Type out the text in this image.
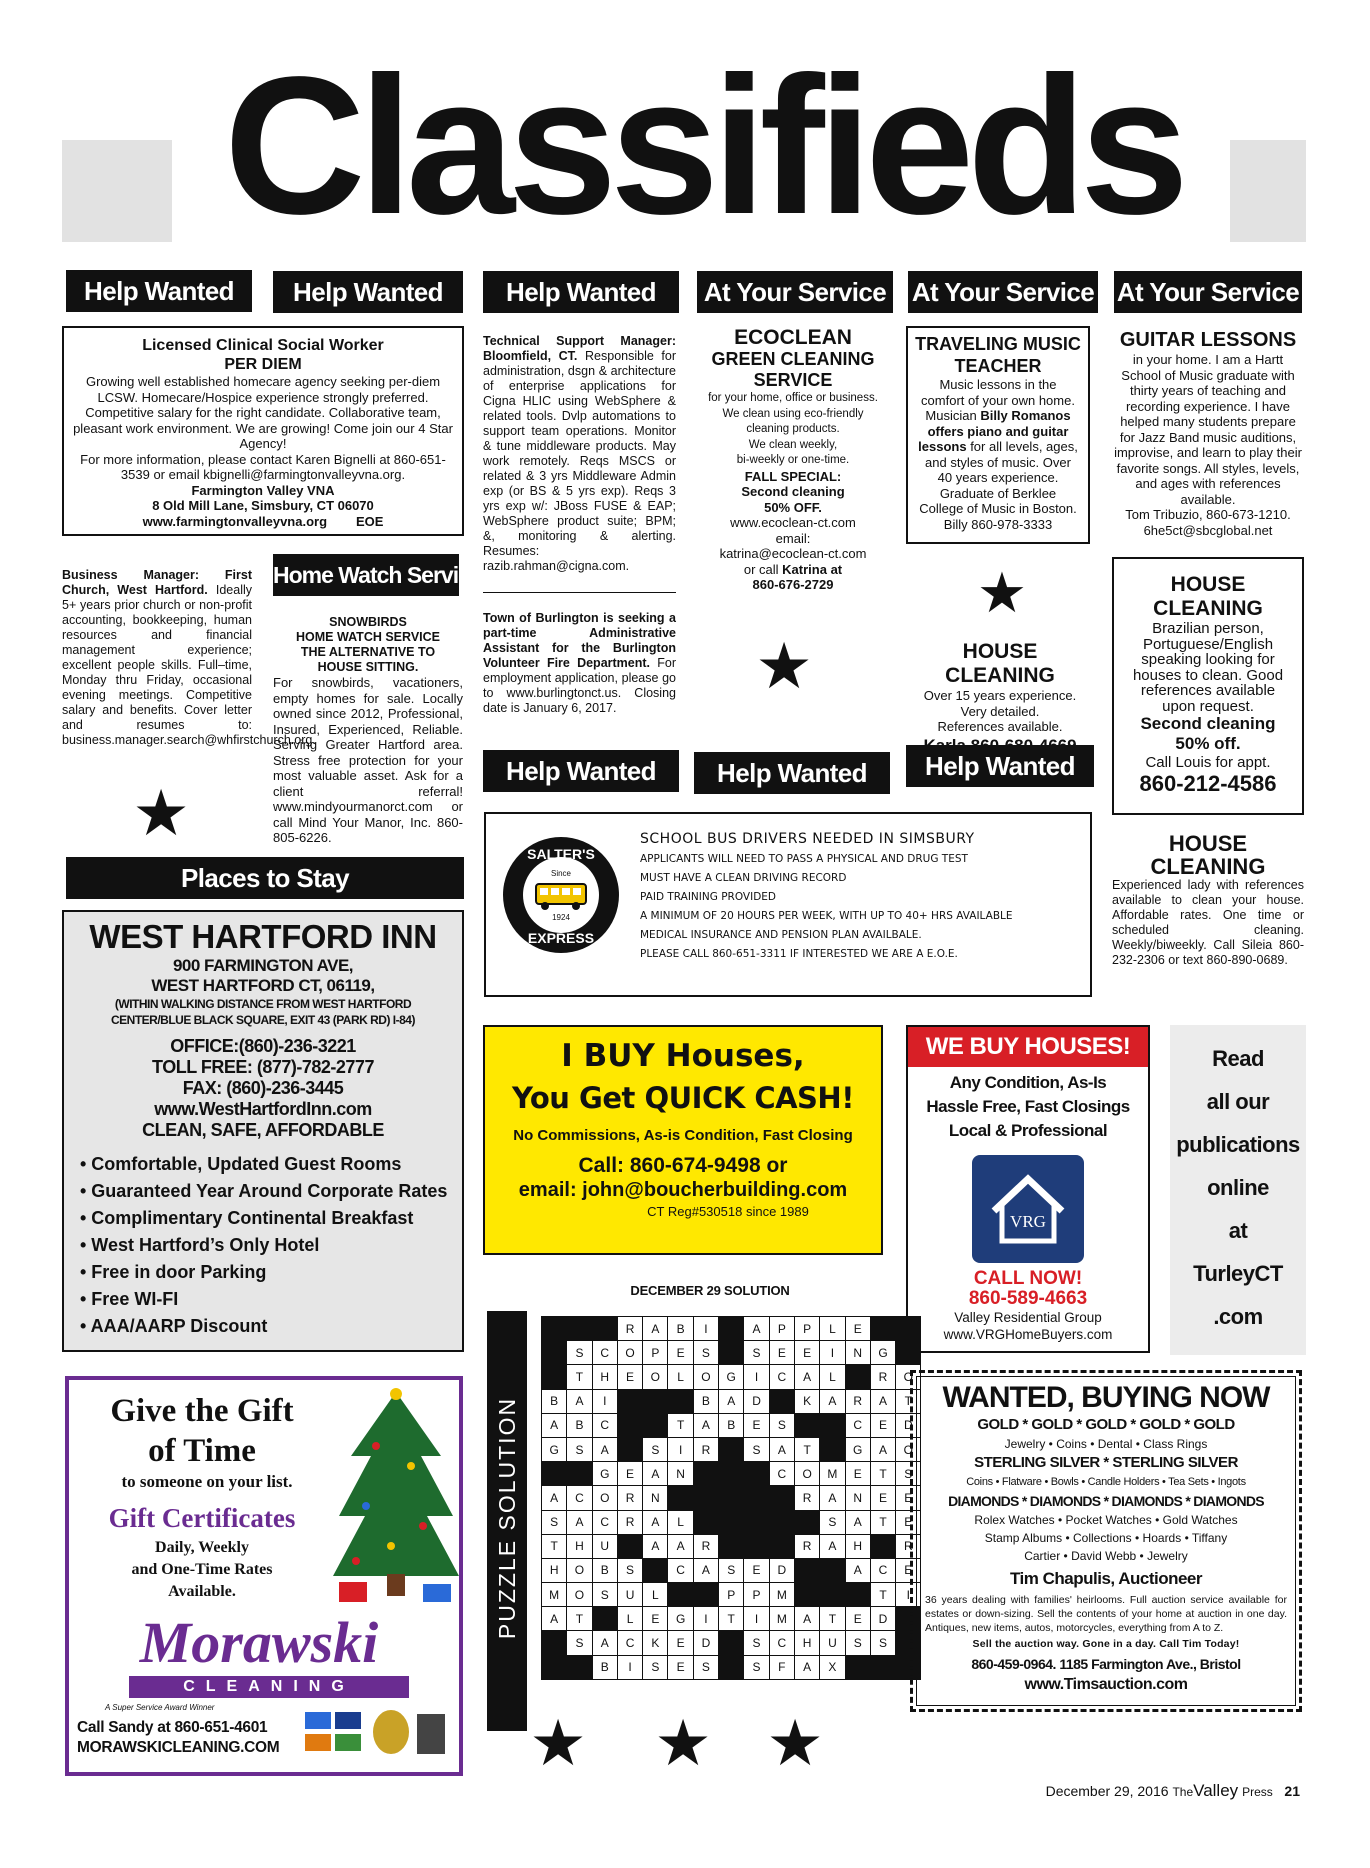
Classifieds
Help Wanted	Help Wanted	Help Wanted	At Your Service At Your Service At Your Service

Licensed Clinical Social Worker

PER DIEM

Growing well established homecare agency seeking per-diem LCSW. Homecare/Hospice experience strongly preferred. Competitive salary for the right candidate. Collaborative team, pleasant work environment. We are growing! Come join our 4 Star Agency!

For more information, please contact Karen Bignelli at 860-651-3539 or email kbignelli@farmingtonvalleyvna.org.

Farmington Valley VNA

8 Old Mill Lane, Simsbury, CT 06070

www.farmingtonvalleyvna.org EOE

Technical Support Manager: Bloomfield, CT. Responsible for administration, dsgn & architecture of enterprise applications for Cigna HLIC using WebSphere & related tools. Dvlp automations to support team operations. Monitor & tune middleware products. May work remotely. Reqs MSCS or related & 3 yrs Middleware Admin exp (or BS & 5 yrs exp). Reqs 3 yrs exp w/: JBoss FUSE & EAP; WebSphere product suite; BPM; &, monitoring & alerting. Resumes: razib.rahman@cigna.com.
Town of Burlington is seeking a part-time Administrative Assistant for the Burlington Volunteer Fire Department. For employment application, please go to www.burlingtonct.us. Closing date is January 6, 2017.

ECOCLEAN

GREEN CLEANING

SERVICE

for your home, office or business.

We clean using eco-friendly

cleaning products.

We clean weekly,

bi-weekly or one-time.

FALL SPECIAL:

Second cleaning

50% OFF.

www.ecoclean-ct.com

email:

katrina@ecoclean-ct.com

or call Katrina at

860-676-2729

TRAVELING MUSIC

TEACHER

Music lessons in the

comfort of your own home.

Musician Billy Romanos

offers piano and guitar

lessons for all levels, ages,

and styles of music. Over

40 years experience.

Graduate of Berklee

College of Music in Boston.

Billy 860-978-3333

GUITAR LESSONS

in your home. I am a Hartt School of Music graduate with thirty years of teaching and recording experience. I have helped many students prepare for Jazz Band music auditions, improvise, and learn to play their favorite songs. All styles, levels, and ages with references available.

Tom Tribuzio, 860-673-1210.

6he5ct@sbcglobal.net

Business Manager: First Church, West Hartford. Ideally 5+ years prior church or non-profit accounting, bookkeeping, human resources and financial management experience; excellent people skills. Full–time, Monday thru Friday, occasional evening meetings. Competitive salary and benefits. Cover letter and resumes to: business.manager.search@whfirstchurch.org.
★
Home Watch Service

SNOWBIRDS

HOME WATCH SERVICE

THE ALTERNATIVE TO

HOUSE SITTING.

For snowbirds, vacationers, empty homes for sale. Locally owned since 2012, Professional, Insured, Experienced, Reliable. Serving Greater Hartford area. Stress free protection for your most valuable asset. Ask for a client referral! www.mindyourmanorct.com or call Mind Your Manor, Inc. 860-805-6226.

★
★

HOUSE CLEANING

Over 15 years experience.

Very detailed.

References available.

HOUSE

CLEANING

Brazilian person,

Portuguese/English

speaking looking for

houses to clean. Good

references available

upon request.

Second cleaning

50% off.

Call Louis for appt.

860-212-4586

HOUSE

CLEANING

Experienced lady with references available to clean your house. Affordable rates. One time or scheduled cleaning. Weekly/biweekly. Call Sileia 860-232-2306 or text 860-890-0689.

Help Wanted	Help Wanted	Help Wanted
SALTER'S
EXPRESS
Since
1924

SCHOOL BUS DRIVERS NEEDED IN SIMSBURY

APPLICANTS WILL NEED TO PASS A PHYSICAL AND DRUG TEST

MUST HAVE A CLEAN DRIVING RECORD

PAID TRAINING PROVIDED

A MINIMUM OF 20 HOURS PER WEEK, WITH UP TO 40+ HRS AVAILABLE

MEDICAL INSURANCE AND PENSION PLAN AVAILBALE.

PLEASE CALL 860-651-3311 IF INTERESTED WE ARE A E.O.E.

Places to Stay

WEST HARTFORD INN

900 FARMINGTON AVE,

WEST HARTFORD CT, 06119,

(WITHIN WALKING DISTANCE FROM WEST HARTFORD

CENTER/BLUE BLACK SQUARE, EXIT 43 (PARK RD) I-84)

OFFICE:(860)-236-3221

TOLL FREE: (877)-782-2777

FAX: (860)-236-3445

www.WestHartfordInn.com

CLEAN, SAFE, AFFORDABLE

• Comfortable, Updated Guest Rooms
• Guaranteed Year Around Corporate Rates
• Complimentary Continental Breakfast
• West Hartford’s Only Hotel
• Free in door Parking
• Free WI-FI
• AAA/AARP Discount

I BUY Houses,

You Get QUICK CASH!

No Commissions, As-is Condition, Fast Closing

Call: 860-674-9498 or

email: john@boucherbuilding.com

CT Reg#530518 since 1989

WE BUY HOUSES!

Any Condition, As-Is

Hassle Free, Fast Closings

Local & Professional

VRG

CALL NOW!

860-589-4663

Valley Residential Group

www.VRGHomeBuyers.com

Read

all our

publications

online

at

TurleyCT

.com

DECEMBER 29 SOLUTION
PUZZLE SOLUTION
			R	A	B	I		A	P	P	L	E		
	S	C	O	P	E	S		S	E	E	I	N	G	
	T	H	E	O	L	O	G	I	C	A	L		R	O
B	A	I				B	A	D		K	A	R	A	T
A	B	C			T	A	B	E	S			C	E	D
G	S	A		S	I	R		S	A	T		G	A	O
		G	E	A	N				C	O	M	E	T	S
A	C	O	R	N						R	A	N	E	E
S	A	C	R	A	L						S	A	T	E
T	H	U		A	A	R				R	A	H		R
H	O	B	S		C	A	S	E	D			A	C	E
M	O	S	U	L			P	P	M				T	I
A	T		L	E	G	I	T	I	M	A	T	E	D	
	S	A	C	K	E	D		S	C	H	U	S	S	
		B	I	S	E	S		S	F	A	X			
★ ★ ★

Give the Gift

of Time

to someone on your list.

Gift Certificates

Daily, Weekly

and One-Time Rates

Available.

Morawski

CLEANING

A Super Service Award Winner

Call Sandy at 860-651-4601

MORAWSKICLEANING.COM

WANTED, BUYING NOW

GOLD * GOLD * GOLD * GOLD * GOLD

Jewelry • Coins • Dental • Class Rings

STERLING SILVER * STERLING SILVER

Coins • Flatware • Bowls • Candle Holders • Tea Sets • Ingots

DIAMONDS * DIAMONDS * DIAMONDS * DIAMONDS

Rolex Watches • Pocket Watches • Gold Watches

Stamp Albums • Collections • Hoards • Tiffany

Cartier • David Webb • Jewelry

Tim Chapulis, Auctioneer

36 years dealing with families' heirlooms. Full auction service available for estates or down-sizing. Sell the contents of your home at auction in one day. Antiques, new items, autos, motorcycles, everything from A to Z.

Sell the auction way. Gone in a day. Call Tim Today!

860-459-0964. 1185 Farmington Ave., Bristol

www.Timsauction.com

December 29, 2016 TheValley Press 21
